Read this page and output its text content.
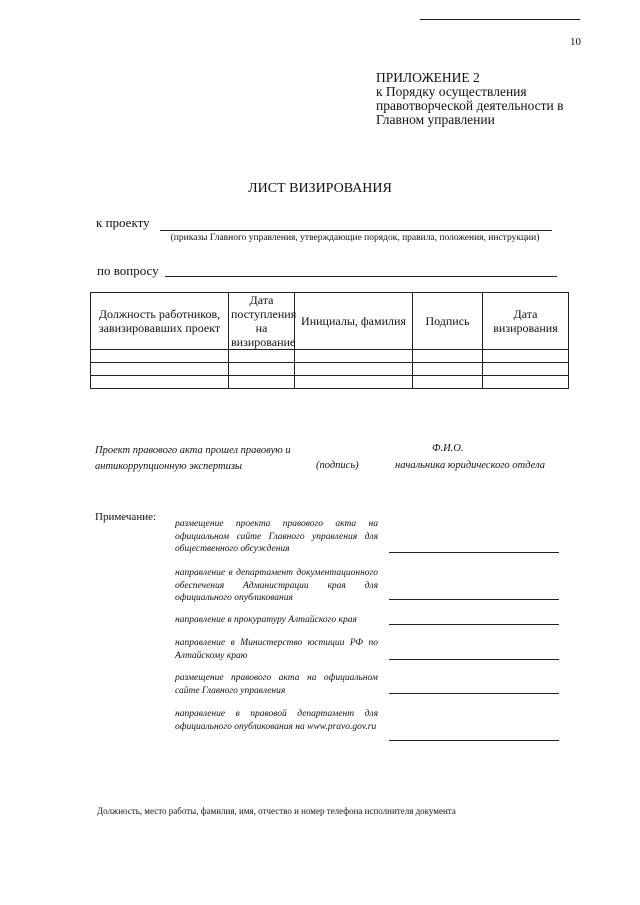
10
ПРИЛОЖЕНИЕ 2
к Порядку осуществления правотворческой деятельности в Главном управлении
ЛИСТ ВИЗИРОВАНИЯ
к проекту
(приказы Главного управления, утверждающие порядок, правила, положения, инструкции)
по вопросу
Должность работников, завизировавших проект	Дата поступления на визирование	Инициалы, фамилия	Подпись	Дата визирования

Проект правового акта прошел правовую и антикоррупционную экспертизы	(подпись)
Ф.И.О.
начальника юридического отдела
Примечание:
размещение проекта правового акта на официальном сайте Главного управления для общественного обсуждения
направление в департамент документационного обеспечения Администрации края для официального опубликования
направление в прокуратуру Алтайского края
направление в Министерство юстиции РФ по Алтайскому краю
размещение правового акта на официальном сайте Главного управления
направление в правовой департамент для официального опубликования на www.pravo.gov.ru
Должность, место работы, фамилия, имя, отчество и номер телефона исполнителя документа
